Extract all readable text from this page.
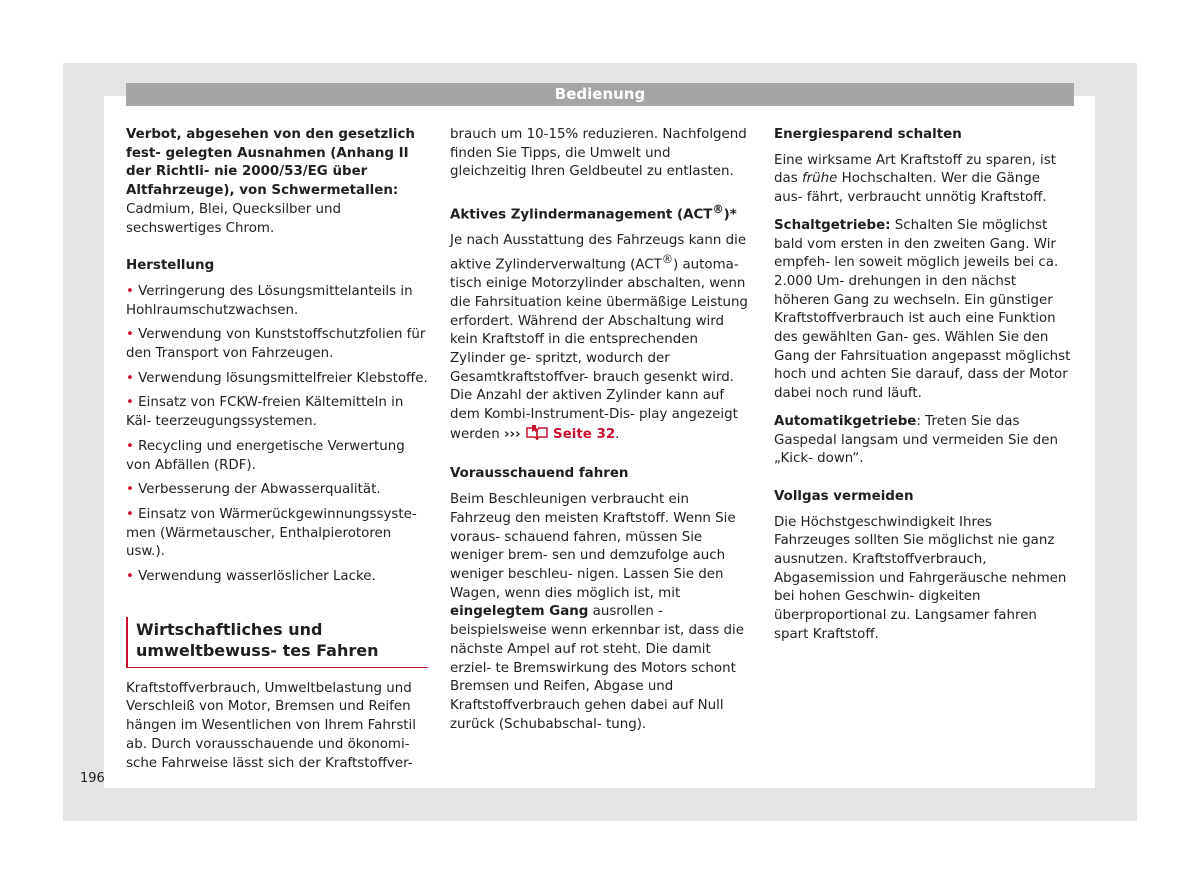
Bedienung

Verbot, abgesehen von den gesetzlich fest- gelegten Ausnahmen (Anhang II der Richtli- nie 2000/53/EG über Altfahrzeuge), von Schwermetallen: Cadmium, Blei, Quecksilber und sechswertiges Chrom.

Herstellung

• Verringerung des Lösungsmittelanteils in Hohlraumschutzwachsen.

• Verwendung von Kunststoffschutzfolien für den Transport von Fahrzeugen.

• Verwendung lösungsmittelfreier Klebstoffe.

• Einsatz von FCKW-freien Kältemitteln in Käl- teerzeugungssystemen.

• Recycling und energetische Verwertung von Abfällen (RDF).

• Verbesserung der Abwasserqualität.

• Einsatz von Wärmerückgewinnungssyste- men (Wärmetauscher, Enthalpierotoren usw.).

• Verwendung wasserlöslicher Lacke.

Wirtschaftliches und umweltbewuss- tes Fahren

Kraftstoffverbrauch, Umweltbelastung und Verschleiß von Motor, Bremsen und Reifen hängen im Wesentlichen von Ihrem Fahrstil ab. Durch vorausschauende und ökonomi- sche Fahrweise lässt sich der Kraftstoffver-

brauch um 10-15% reduzieren. Nachfolgend finden Sie Tipps, die Umwelt und gleichzeitig Ihren Geldbeutel zu entlasten.

Aktives Zylindermanagement (ACT®)*

Je nach Ausstattung des Fahrzeugs kann die aktive Zylinderverwaltung (ACT®) automa- tisch einige Motorzylinder abschalten, wenn die Fahrsituation keine übermäßige Leistung erfordert. Während der Abschaltung wird kein Kraftstoff in die entsprechenden Zylinder ge- spritzt, wodurch der Gesamtkraftstoffver- brauch gesenkt wird. Die Anzahl der aktiven Zylinder kann auf dem Kombi-Instrument-Dis- play angezeigt werden ››› Seite 32.

Vorausschauend fahren

Beim Beschleunigen verbraucht ein Fahrzeug den meisten Kraftstoff. Wenn Sie voraus- schauend fahren, müssen Sie weniger brem- sen und demzufolge auch weniger beschleu- nigen. Lassen Sie den Wagen, wenn dies möglich ist, mit eingelegtem Gang ausrollen - beispielsweise wenn erkennbar ist, dass die nächste Ampel auf rot steht. Die damit erziel- te Bremswirkung des Motors schont Bremsen und Reifen, Abgase und Kraftstoffverbrauch gehen dabei auf Null zurück (Schubabschal- tung).

Energiesparend schalten

Eine wirksame Art Kraftstoff zu sparen, ist das frühe Hochschalten. Wer die Gänge aus- fährt, verbraucht unnötig Kraftstoff.

Schaltgetriebe: Schalten Sie möglichst bald vom ersten in den zweiten Gang. Wir empfeh- len soweit möglich jeweils bei ca. 2.000 Um- drehungen in den nächst höheren Gang zu wechseln. Ein günstiger Kraftstoffverbrauch ist auch eine Funktion des gewählten Gan- ges. Wählen Sie den Gang der Fahrsituation angepasst möglichst hoch und achten Sie darauf, dass der Motor dabei noch rund läuft.

Automatikgetriebe: Treten Sie das Gaspedal langsam und vermeiden Sie den „Kick- down“.

Vollgas vermeiden

Die Höchstgeschwindigkeit Ihres Fahrzeuges sollten Sie möglichst nie ganz ausnutzen. Kraftstoffverbrauch, Abgasemission und Fahrgeräusche nehmen bei hohen Geschwin- digkeiten überproportional zu. Langsamer fahren spart Kraftstoff.

196
